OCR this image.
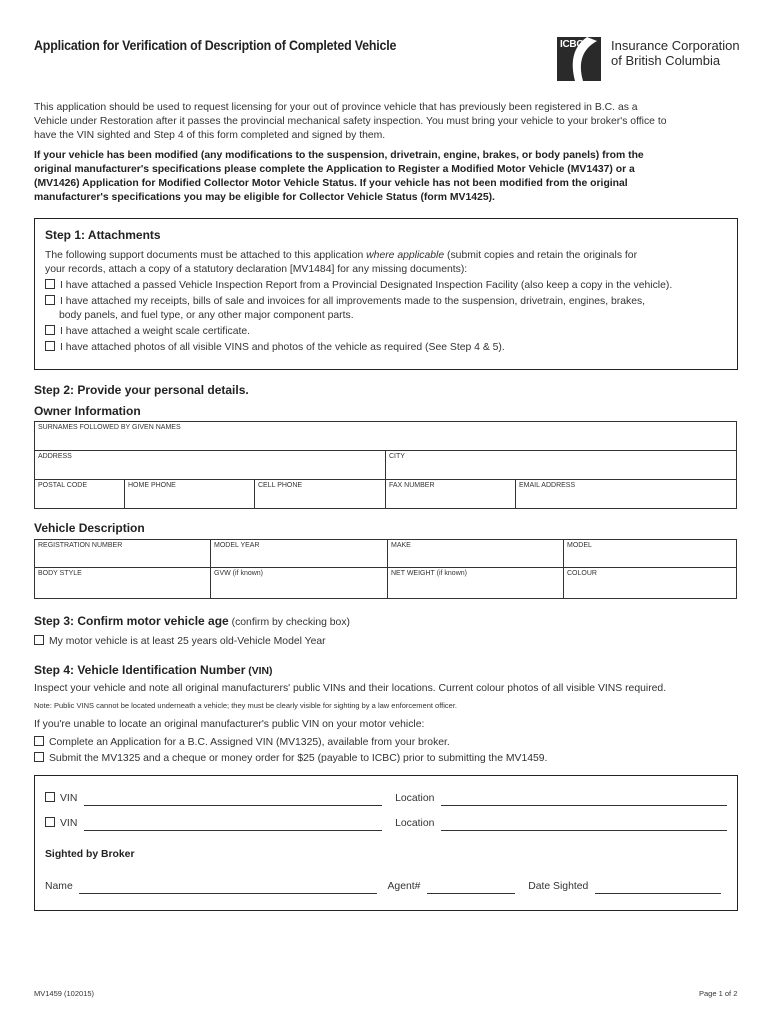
Application for Verification of Description of Completed Vehicle	ICBC Insurance Corporation
of British Columbia
This application should be used to request licensing for your out of province vehicle that has previously been registered in B.C. as a
Vehicle under Restoration after it passes the provincial mechanical safety inspection. You must bring your vehicle to your broker's office to
have the VIN sighted and Step 4 of this form completed and signed by them.
If your vehicle has been modified (any modifications to the suspension, drivetrain, engine, brakes, or body panels) from the
original manufacturer's specifications please complete the Application to Register a Modified Motor Vehicle (MV1437) or a
(MV1426) Application for Modified Collector Motor Vehicle Status. If your vehicle has not been modified from the original
manufacturer's specifications you may be eligible for Collector Vehicle Status (form MV1425).
Step 1: Attachments
The following support documents must be attached to this application where applicable (submit copies and retain the originals for
your records, attach a copy of a statutory declaration [MV1484] for any missing documents):
I have attached a passed Vehicle Inspection Report from a Provincial Designated Inspection Facility (also keep a copy in the vehicle).
I have attached my receipts, bills of sale and invoices for all improvements made to the suspension, drivetrain, engines, brakes,
body panels, and fuel type, or any other major component parts.
I have attached a weight scale certificate.
I have attached photos of all visible VINS and photos of the vehicle as required (See Step 4 & 5).
Step 2: Provide your personal details.
Owner Information
SURNAMES FOLLOWED BY GIVEN NAMES				
ADDRESS			CITY	
POSTAL CODE	HOME PHONE	CELL PHONE	FAX NUMBER	EMAIL ADDRESS
Vehicle Description
REGISTRATION NUMBER	MODEL YEAR	MAKE	MODEL
BODY STYLE	GVW (if known)	NET WEIGHT (if known)	COLOUR
Step 3: Confirm motor vehicle age (confirm by checking box)
My motor vehicle is at least 25 years old-Vehicle Model Year
Step 4: Vehicle Identification Number (VIN)
Inspect your vehicle and note all original manufacturers' public VINs and their locations. Current colour photos of all visible VINS required.
Note: Public VINS cannot be located underneath a vehicle; they must be clearly visible for sighting by a law enforcement officer.
If you're unable to locate an original manufacturer's public VIN on your motor vehicle:
Complete an Application for a B.C. Assigned VIN (MV1325), available from your broker.
Submit the MV1325 and a cheque or money order for $25 (payable to ICBC) prior to submitting the MV1459.
VIN	Location
VIN	Location
Sighted by Broker
Name	Agent#	Date Sighted
MV1459 (102015)	Page 1 of 2
